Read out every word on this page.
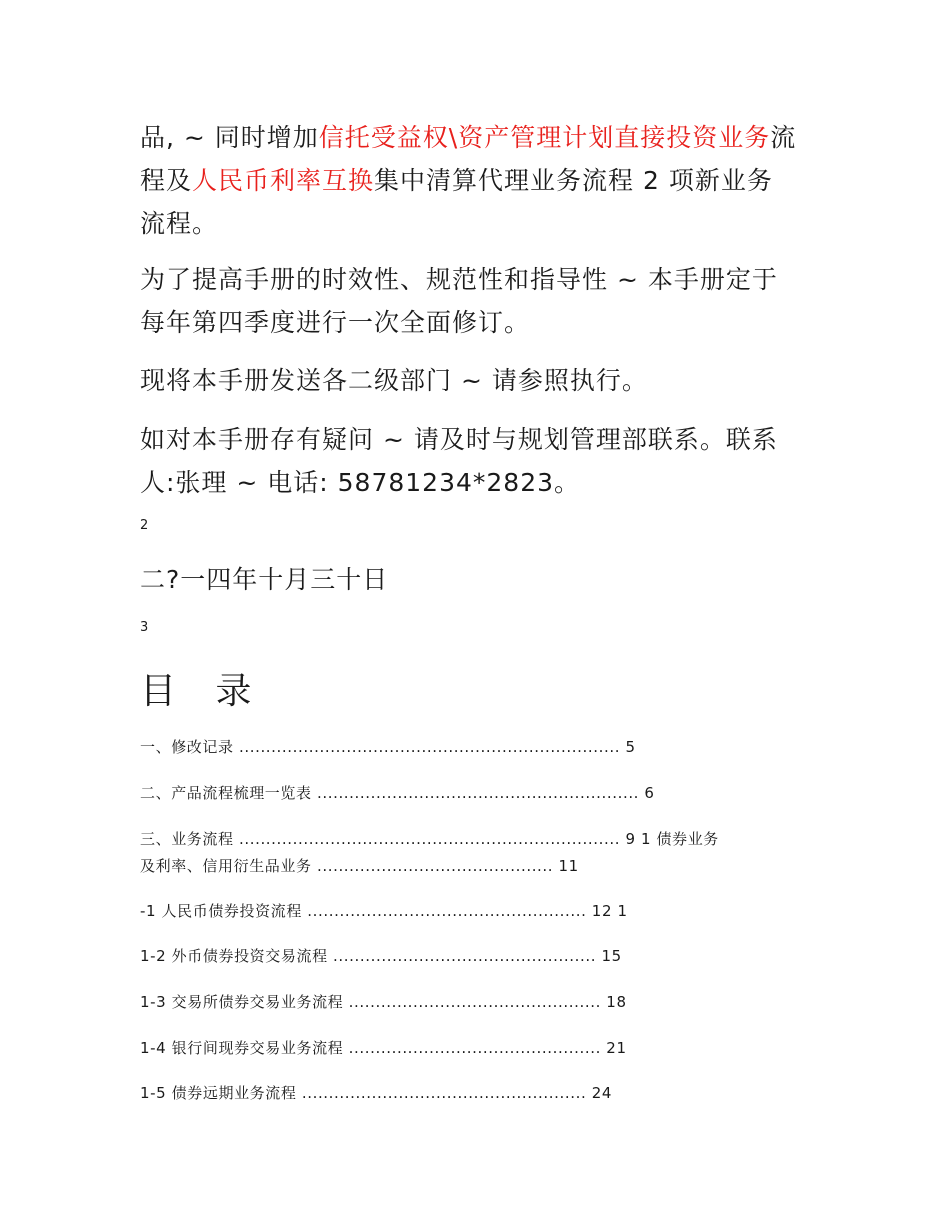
品, ~ 同时增加信托受益权\资产管理计划直接投资业务流
程及人民币利率互换集中清算代理业务流程 2 项新业务
流程。
为了提高手册的时效性、规范性和指导性 ~ 本手册定于
每年第四季度进行一次全面修订。
现将本手册发送各二级部门 ~ 请参照执行。
如对本手册存有疑问 ~ 请及时与规划管理部联系。联系
人:张理 ~ 电话: 58781234*2823。
2
二?一四年十月三十日
3
目 录
一、修改记录 ....................................................................... 5
二、产品流程梳理一览表 ............................................................ 6
三、业务流程 ....................................................................... 9 1 债券业务
及利率、信用衍生品业务 ............................................ 11
-1 人民币债券投资流程 .................................................... 12 1
1-2 外币债券投资交易流程 ................................................. 15
1-3 交易所债券交易业务流程 ............................................... 18
1-4 银行间现券交易业务流程 ............................................... 21
1-5 债券远期业务流程 ..................................................... 24
